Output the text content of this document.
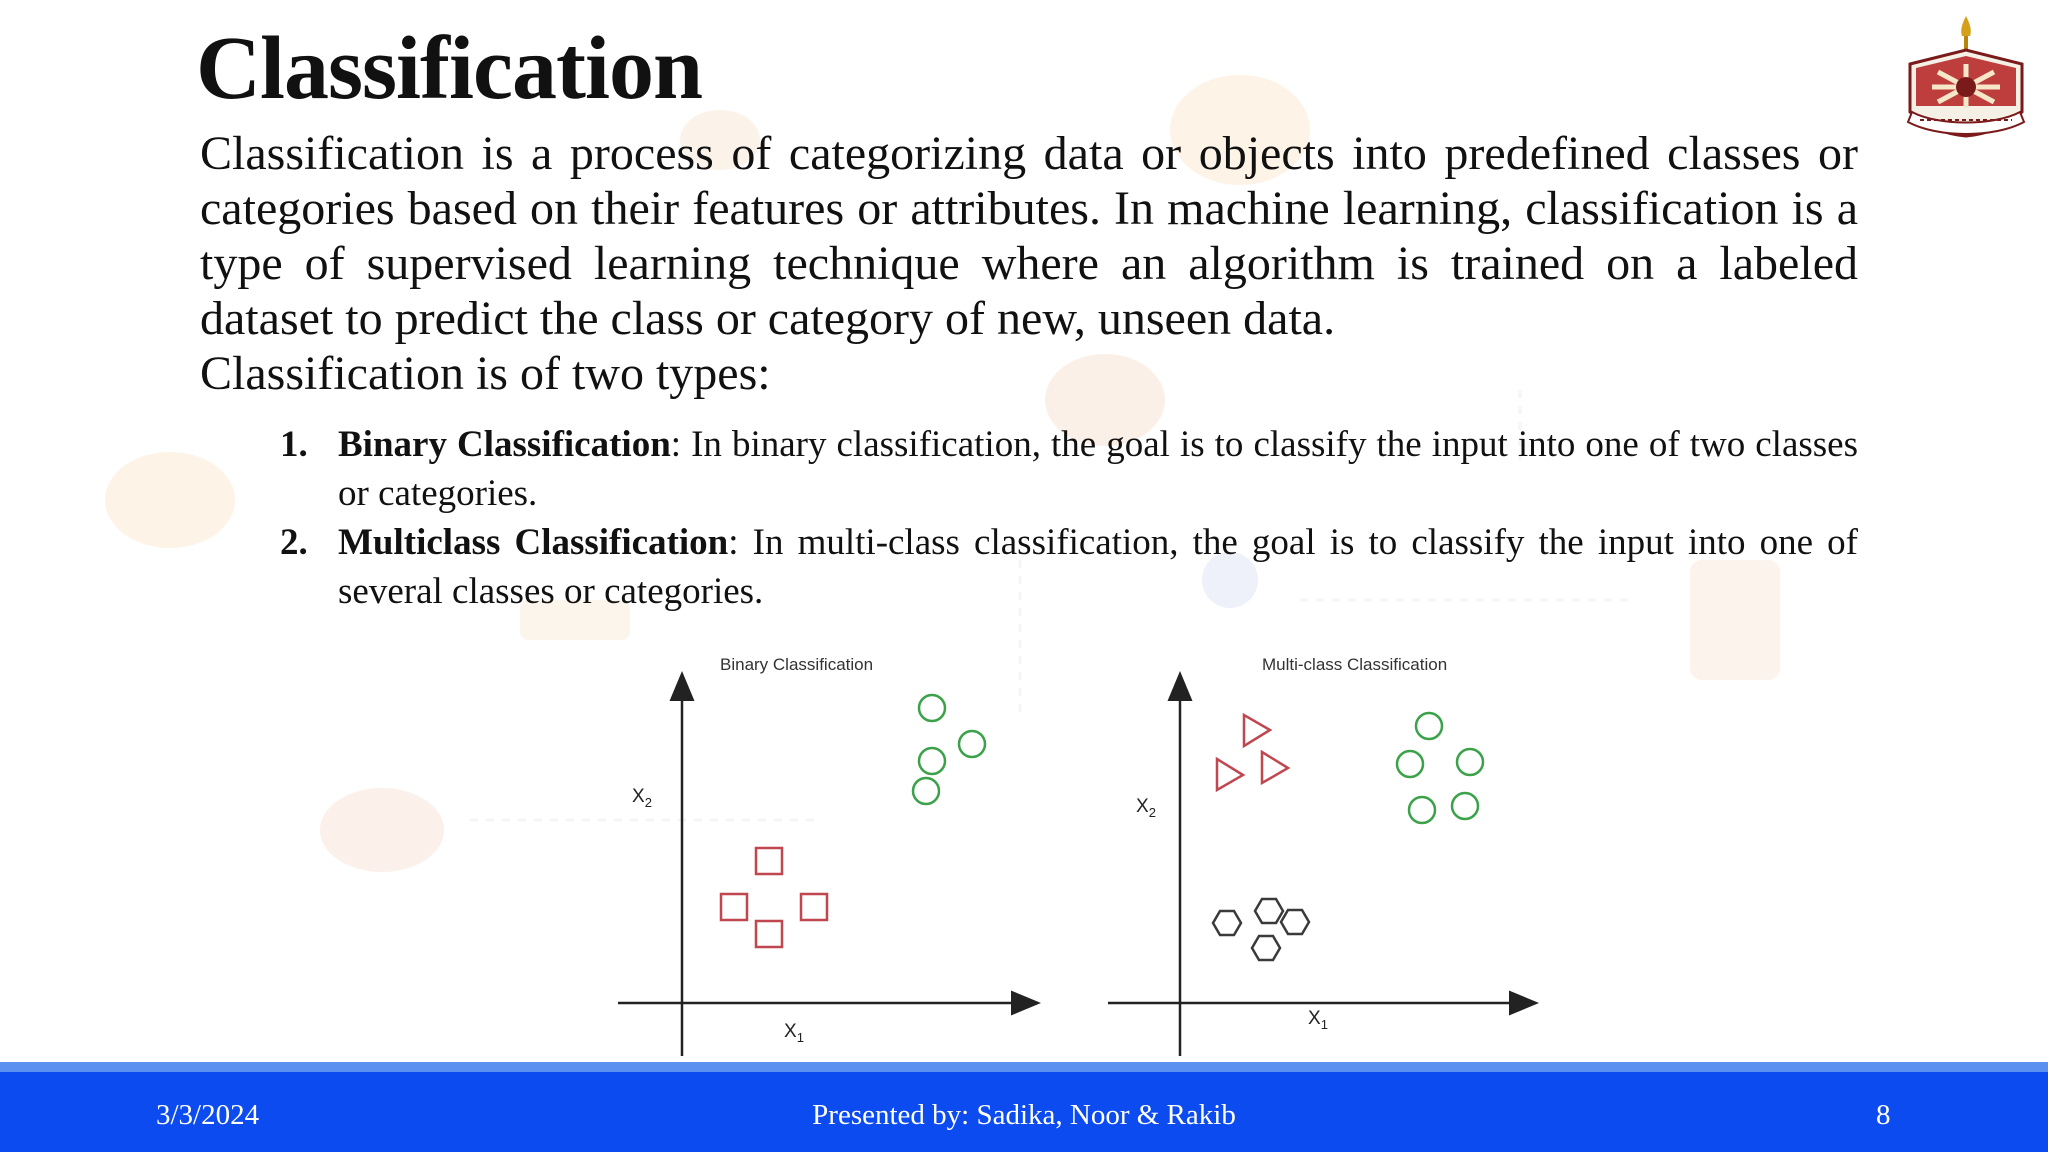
Classification

Classification is a process of categorizing data or objects into predefined classes or categories based on their features or attributes. In machine learning, classification is a type of supervised learning technique where an algorithm is trained on a labeled dataset to predict the class or category of new, unseen data.
Classification is of two types:

1. Binary Classification: In binary classification, the goal is to classify the input into one of two classes or categories.
2. Multiclass Classification: In multi-class classification, the goal is to classify the input into one of several classes or categories.
Binary Classification
$X_2$
$X_1$
Multi-class Classification
$X_2$
$X_1$
3/3/2024	Presented by: Sadika, Noor & Rakib	8
